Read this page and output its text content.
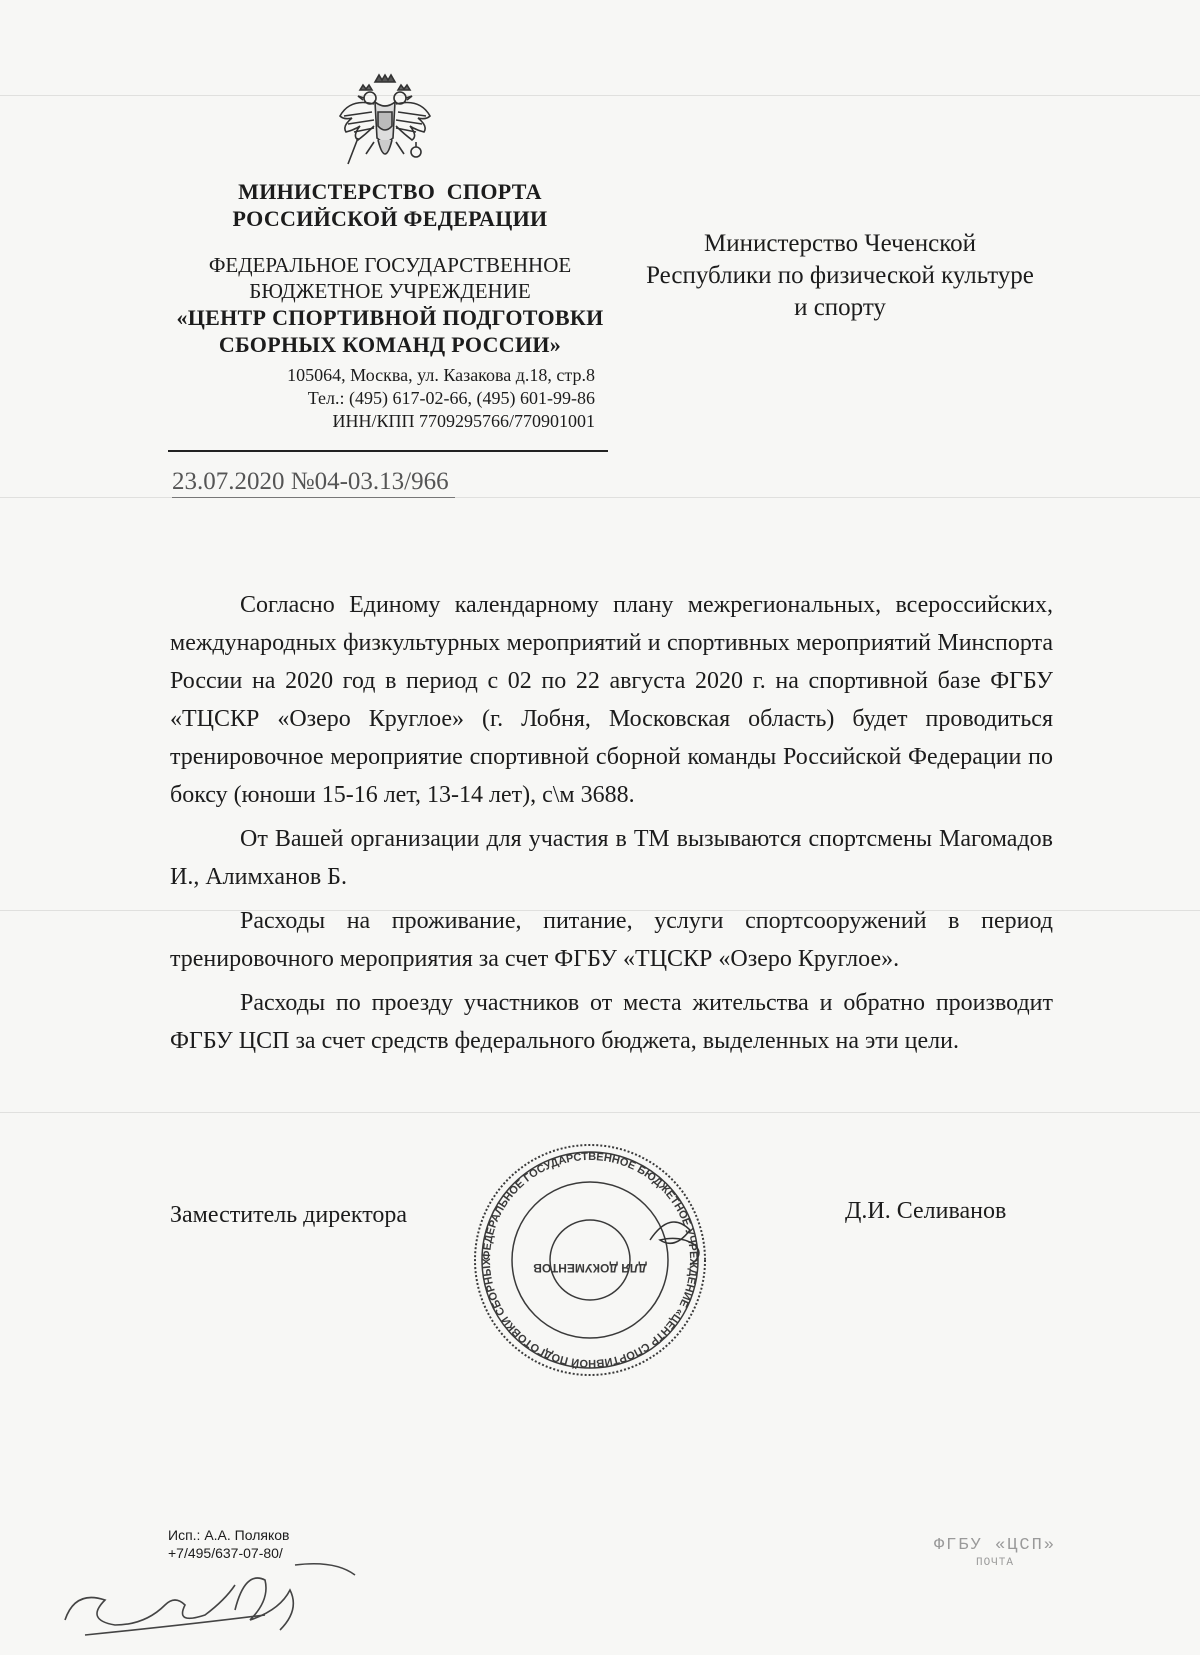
МИНИСТЕРСТВО  СПОРТА
РОССИЙСКОЙ ФЕДЕРАЦИИ
ФЕДЕРАЛЬНОЕ ГОСУДАРСТВЕННОЕ
БЮДЖЕТНОЕ УЧРЕЖДЕНИЕ
«ЦЕНТР СПОРТИВНОЙ ПОДГОТОВКИ
СБОРНЫХ КОМАНД РОССИИ»
105064, Москва, ул. Казакова д.18, стр.8
Тел.: (495) 617-02-66, (495) 601-99-86
ИНН/КПП 7709295766/770901001
23.07.2020 №04-03.13/966
Министерство Чеченской
Республики по физической культуре
и спорту

Согласно Единому календарному плану межрегиональных, всероссийских, международных физкультурных мероприятий и спортивных мероприятий Минспорта России на 2020 год в период с 02 по 22 августа 2020 г. на спортивной базе ФГБУ «ТЦСКР «Озеро Круглое» (г. Лобня, Московская область) будет проводиться тренировочное мероприятие спортивной сборной команды Российской Федерации по боксу (юноши 15-16 лет, 13-14 лет), с\м 3688.

От Вашей организации для участия в ТМ вызываются спортсмены Магомадов И., Алимханов Б.

Расходы на проживание, питание, услуги спортсооружений в период тренировочного мероприятия за счет ФГБУ «ТЦСКР «Озеро Круглое».

Расходы по проезду участников от места жительства и обратно производит ФГБУ ЦСП за счет средств федерального бюджета, выделенных на эти цели.

Заместитель директора	Д.И. Селиванов
ФЕДЕРАЛЬНОЕ ГОСУДАРСТВЕННОЕ БЮДЖЕТНОЕ УЧРЕЖДЕНИЕ «ЦЕНТР СПОРТИВНОЙ ПОДГОТОВКИ СБОРНЫХ	ДЛЯ ДОКУМЕНТОВ
Исп.: А.А. Поляков
+7/495/637-07-80/	ФГБУ «ЦСП»
ПОЧТА
